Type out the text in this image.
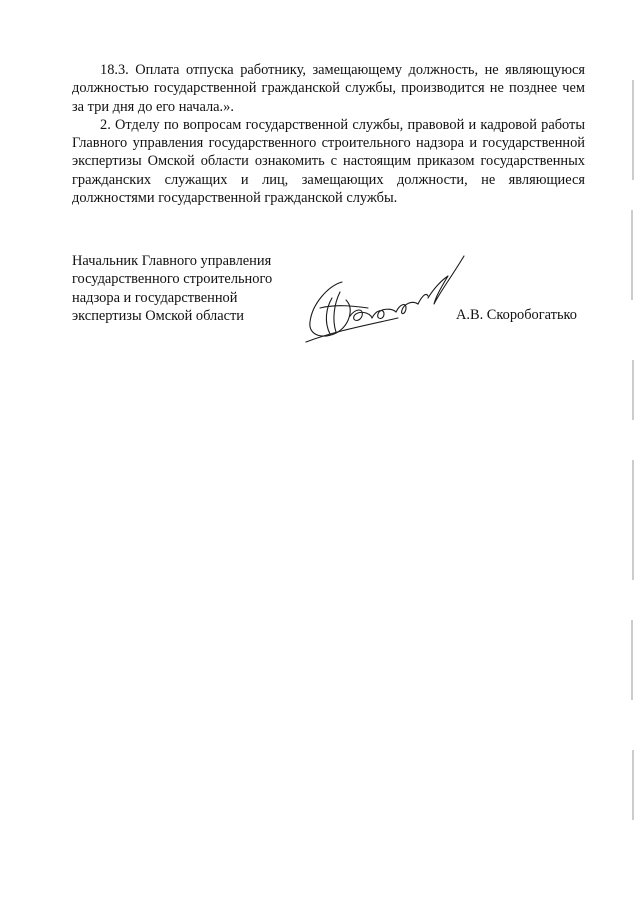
18.3. Оплата отпуска работнику, замещающему должность, не являющуюся должностью государственной гражданской службы, производится не позднее чем за три дня до его начала.».

2. Отделу по вопросам государственной службы, правовой и кадровой работы Главного управления государственного строительного надзора и государственной экспертизы Омской области ознакомить с настоящим приказом государственных гражданских служащих и лиц, замещающих должности, не являющиеся должностями государственной гражданской службы.

Начальник Главного управления
государственного строительного
надзора и государственной
экспертизы Омской области	А.В. Скоробогатько
